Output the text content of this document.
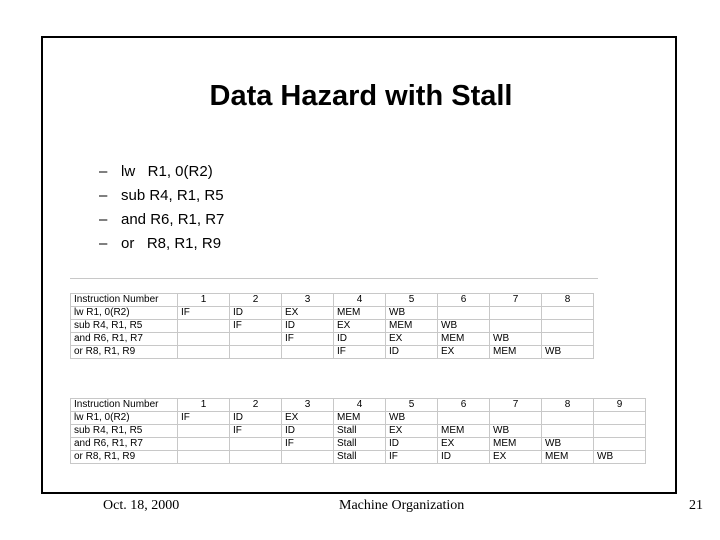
Data Hazard with Stall
– lw   R1, 0(R2)
– sub R4, R1, R5
– and R6, R1, R7
– or   R8, R1, R9
Instruction Number	1	2	3	4	5	6	7	8
lw R1, 0(R2)	IF	ID	EX	MEM	WB			
sub R4, R1, R5		IF	ID	EX	MEM	WB		
and R6, R1, R7			IF	ID	EX	MEM	WB	
or R8, R1, R9				IF	ID	EX	MEM	WB
Instruction Number	1	2	3	4	5	6	7	8	9
lw R1, 0(R2)	IF	ID	EX	MEM	WB				
sub R4, R1, R5		IF	ID	Stall	EX	MEM	WB		
and R6, R1, R7			IF	Stall	ID	EX	MEM	WB	
or R8, R1, R9				Stall	IF	ID	EX	MEM	WB
Oct. 18, 2000	Machine Organization	21
